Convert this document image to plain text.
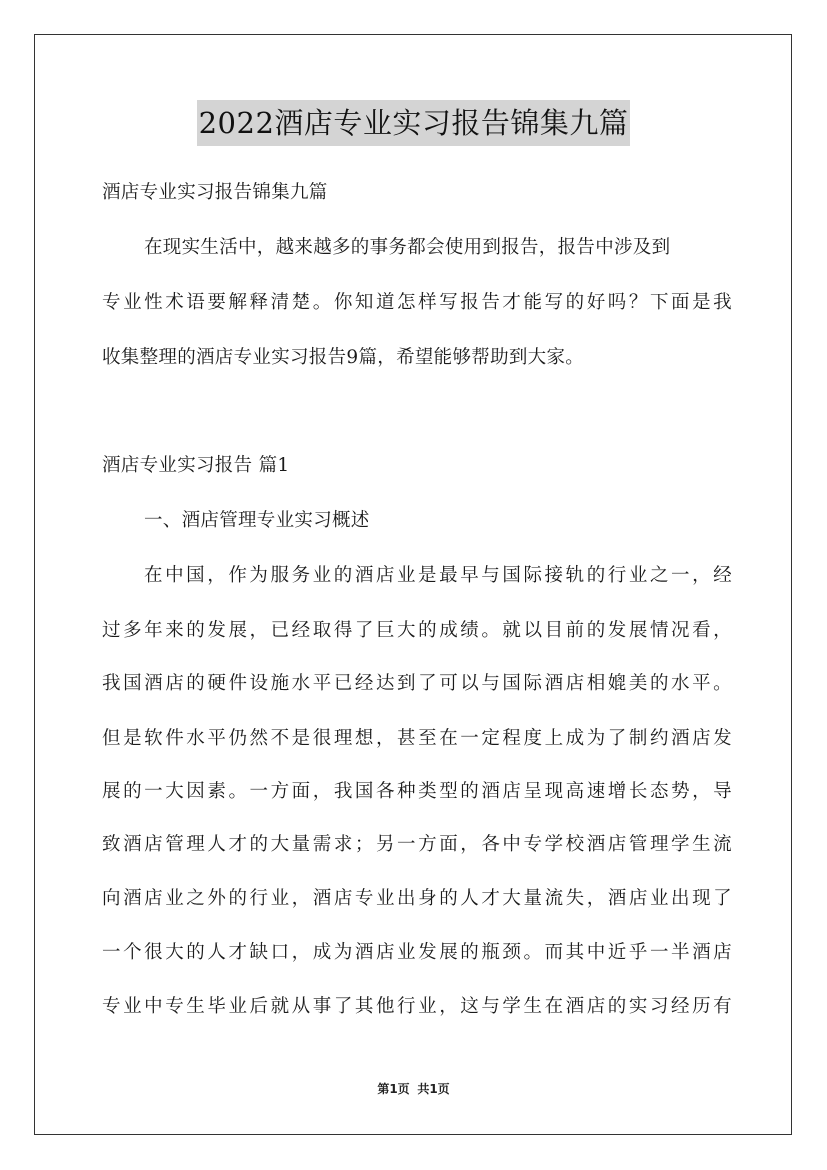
2022酒店专业实习报告锦集九篇
酒店专业实习报告锦集九篇
在现实生活中，越来越多的事务都会使用到报告，报告中涉及到
专业性术语要解释清楚。你知道怎样写报告才能写的好吗？下面是我
收集整理的酒店专业实习报告9篇，希望能够帮助到大家。
酒店专业实习报告 篇1
一、酒店管理专业实习概述
在中国，作为服务业的酒店业是最早与国际接轨的行业之一，经
过多年来的发展，已经取得了巨大的成绩。就以目前的发展情况看，
我国酒店的硬件设施水平已经达到了可以与国际酒店相媲美的水平。
但是软件水平仍然不是很理想，甚至在一定程度上成为了制约酒店发
展的一大因素。一方面，我国各种类型的酒店呈现高速增长态势，导
致酒店管理人才的大量需求；另一方面，各中专学校酒店管理学生流
向酒店业之外的行业，酒店专业出身的人才大量流失，酒店业出现了
一个很大的人才缺口，成为酒店业发展的瓶颈。而其中近乎一半酒店
专业中专生毕业后就从事了其他行业，这与学生在酒店的实习经历有
第1页 共1页
